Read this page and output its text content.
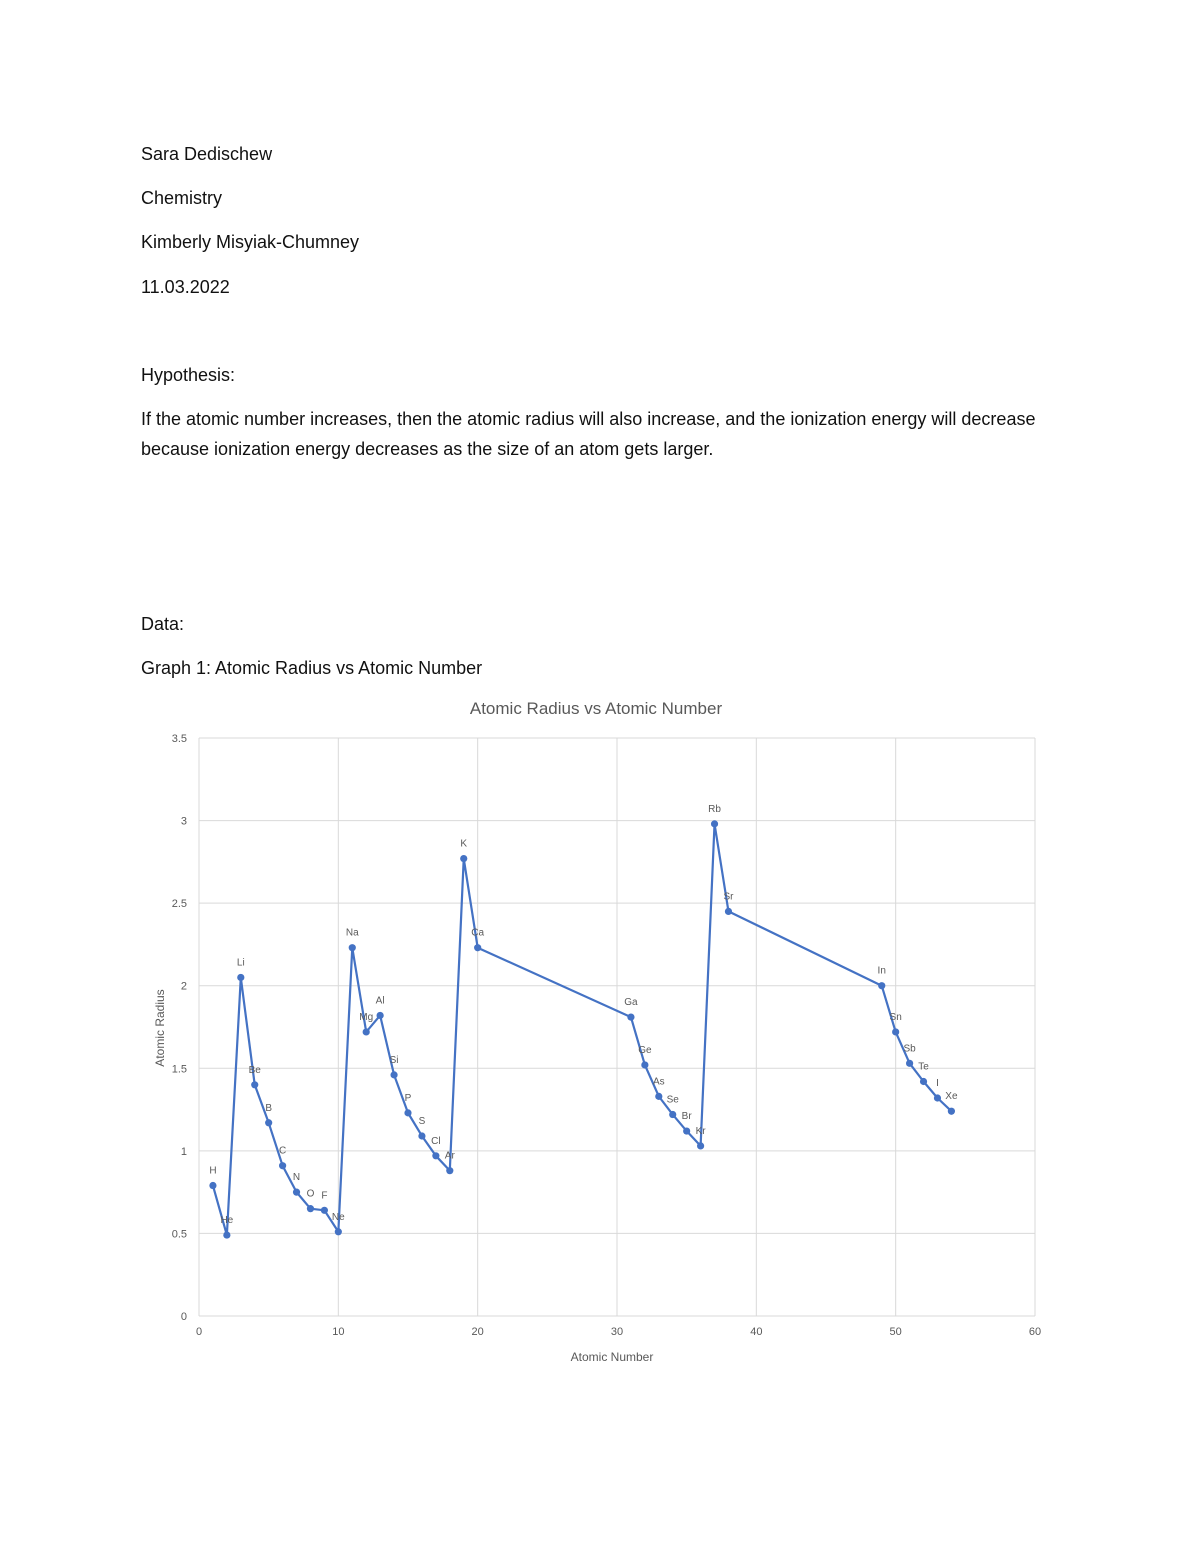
Sara Dedischew
Chemistry
Kimberly Misyiak-Chumney
11.03.2022
Hypothesis:
If the atomic number increases, then the atomic radius will also increase, and the ionization energy will decrease because ionization energy decreases as the size of an atom gets larger.
Data:
Graph 1: Atomic Radius vs Atomic Number
0
0.5
1
1.5
2
2.5
3
3.5
0	10	20	30	40	50	60
H
He
Li
Be
B
C
N
O F
Ne
Na
Mg
Al
Si
P
S
Cl
Ar
K
Ca
Ga
Ge
As
Se
Br
Kr
Rb
Sr
In
Sn
Sb
Te
I
Xe
Atomic Radius vs Atomic Number
Atomic Number
Atomic Radius
